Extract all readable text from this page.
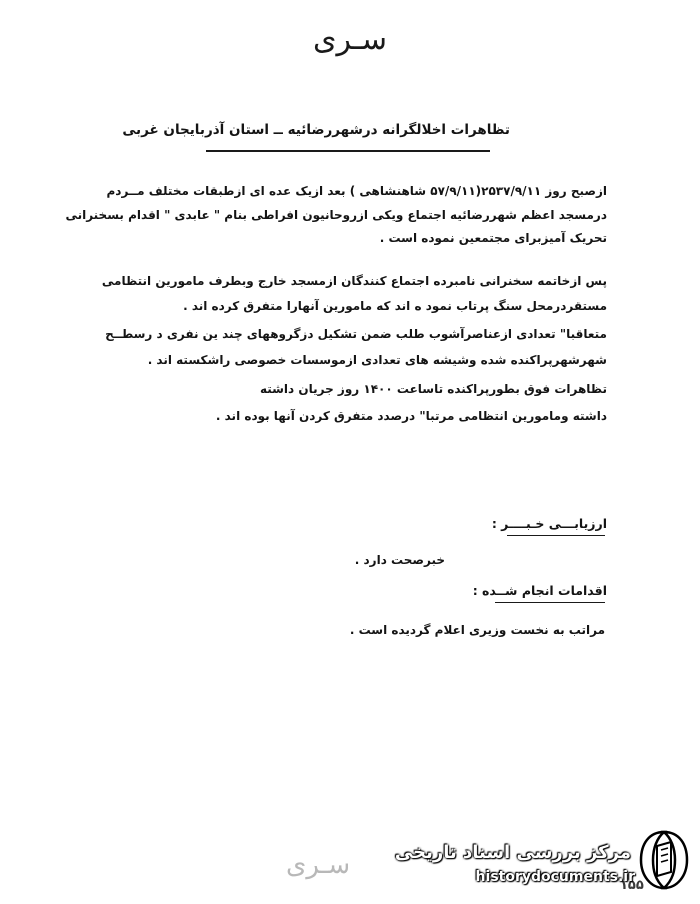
سـری
تظاهرات اخلالگرانه درشهررضائیه ــ استان آذربایجان غربی
ازصبح روز ۲۵۳۷/۹/۱۱(۵۷/۹/۱۱ شاهنشاهی ) بعد ازیک عده ای ازطبقات مختلف مــردم
درمسجد اعظم شهررضائیه اجتماع ویکی ازروحانیون افراطی بنام " عابدی " اقدام بسخنرانی
تحریک آمیزبرای مجتمعین نموده است .
پس ازخاتمه سخنرانی نامبرده اجتماع کنندگان ازمسجد خارج وبطرف مامورین انتظامی
مستقردرمحل سنگ پرتاب نمود ه اند که مامورین آنهارا متفرق کرده اند .
متعاقبا" تعدادی ازعناصرآشوب طلب ضمن تشکیل دزگروههای چند ین نفری د رسطــح
شهرشهرپراکنده شده وشیشه های تعدادی ازموسسات خصوصی راشکسته اند .
تظاهرات فوق بطورپراکنده تاساعت ۱۴۰۰ روز جریان داشته
داشته ومامورین انتظامی مرتبا" درصدد متفرق کردن آنها بوده اند .
ارزیابـــی خـبــــر :
خبرصحت دارد .
اقدامات انجام شــده :
مراتب به نخست وزیری اعلام گردیده است .
سـری
۱۵۵
مرکز بررسی اسناد تاریخی
historydocuments.ir
